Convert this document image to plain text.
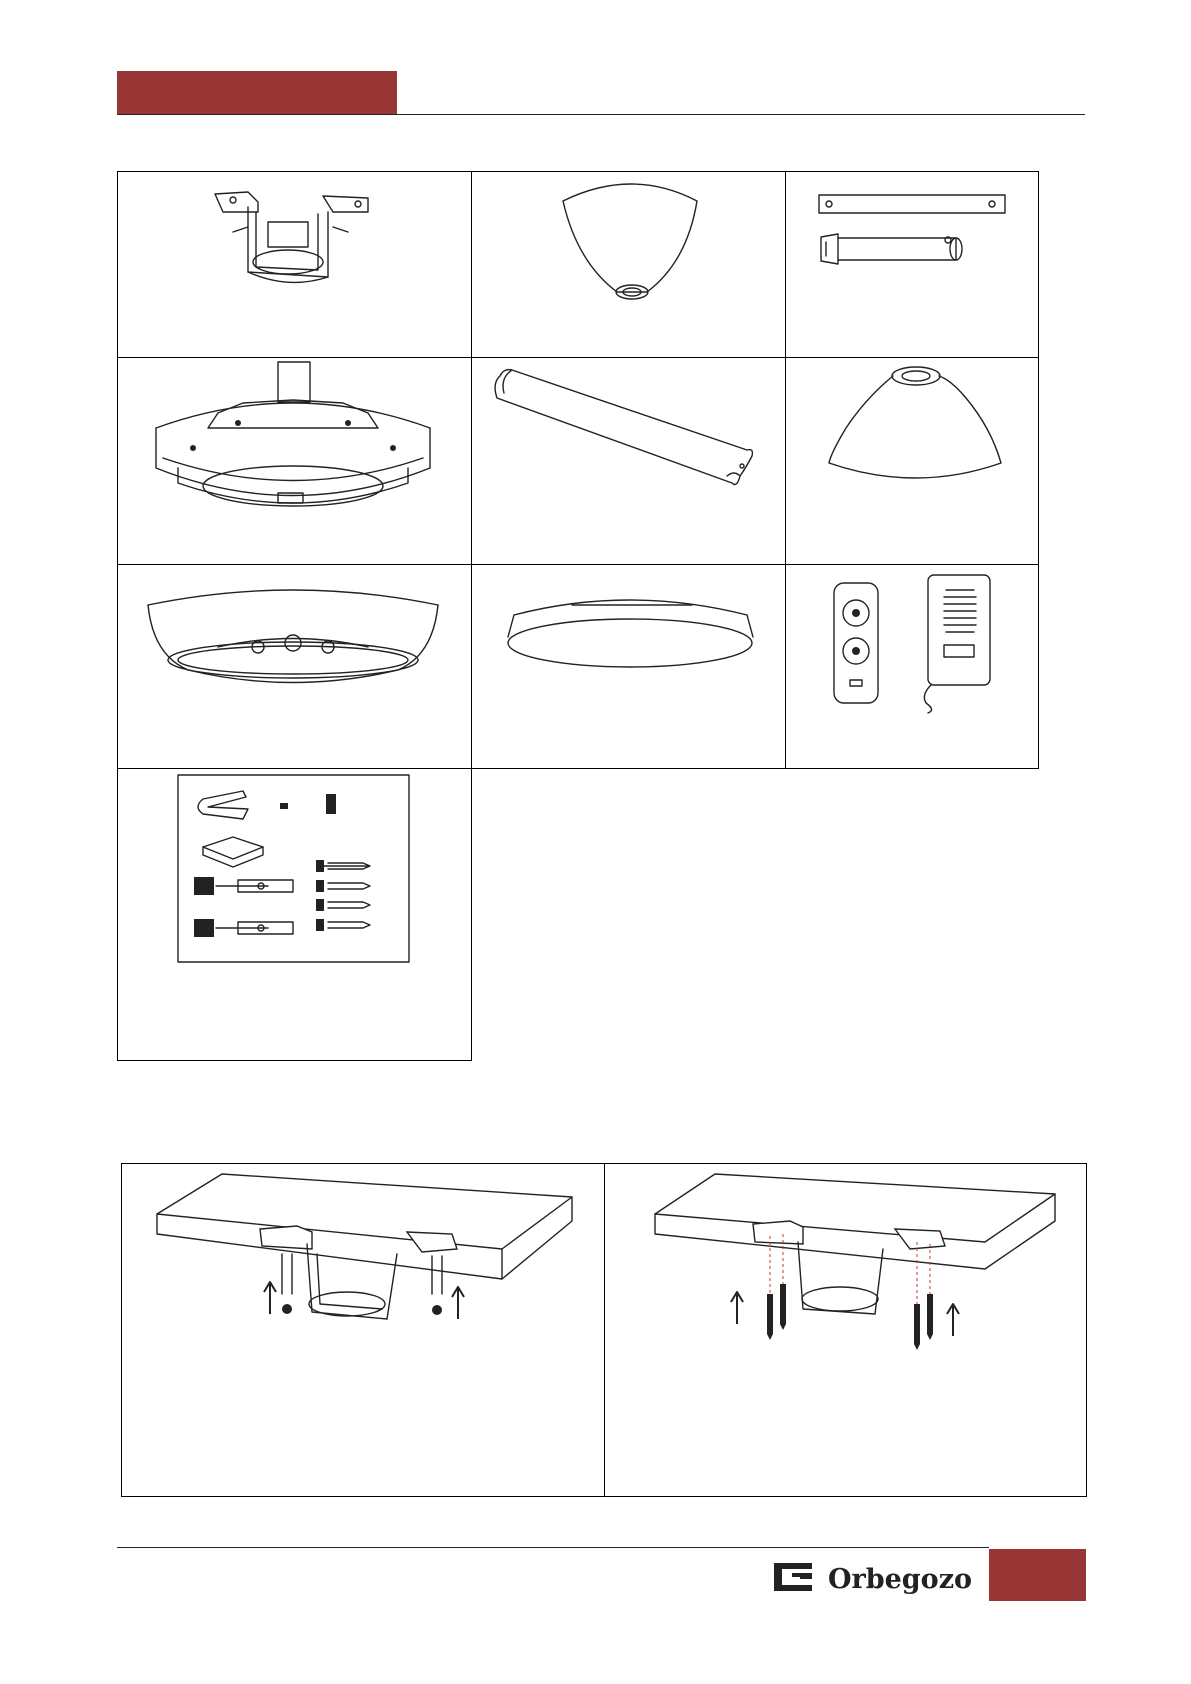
Orbegozo
